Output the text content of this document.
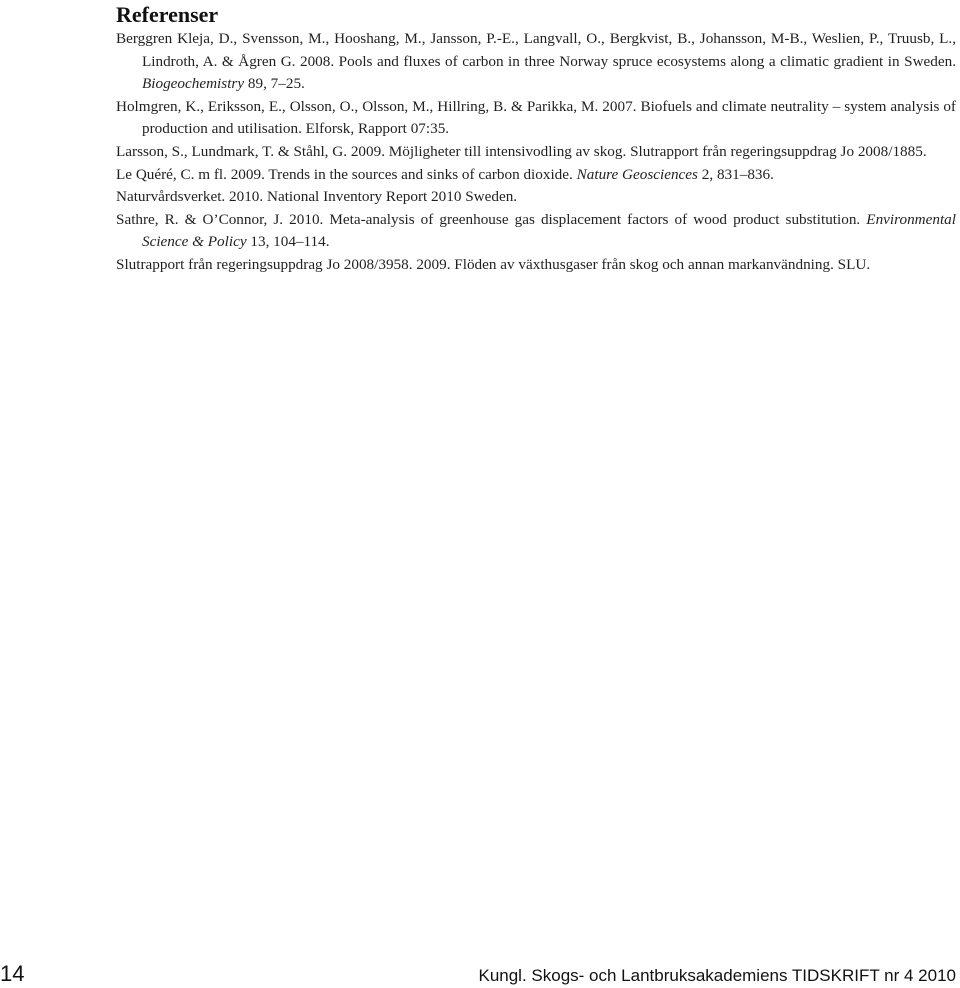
Referenser

Berggren Kleja, D., Svensson, M., Hooshang, M., Jansson, P.-E., Langvall, O., Bergkvist, B., Johansson, M-B., Weslien, P., Truusb, L., Lindroth, A. & Ågren G. 2008. Pools and fluxes of carbon in three Norway spruce ecosystems along a climatic gradient in Sweden. Biogeochemistry 89, 7–25.

Holmgren, K., Eriksson, E., Olsson, O., Olsson, M., Hillring, B. & Parikka, M. 2007. Biofuels and climate neutrality – system analysis of production and utilisation. Elforsk, Rapport 07:35.

Larsson, S., Lundmark, T. & Ståhl, G. 2009. Möjligheter till intensivodling av skog. Slutrapport från regeringsuppdrag Jo 2008/1885.

Le Quéré, C. m fl. 2009. Trends in the sources and sinks of carbon dioxide. Nature Geosciences 2, 831–836.

Naturvårdsverket. 2010. National Inventory Report 2010 Sweden.

Sathre, R. & O’Connor, J. 2010. Meta-analysis of greenhouse gas displacement factors of wood product substitution. Environmental Science & Policy 13, 104–114.

Slutrapport från regeringsuppdrag Jo 2008/3958. 2009. Flöden av växthusgaser från skog och annan markanvändning. SLU.

14	Kungl. Skogs- och Lantbruksakademiens TIDSKRIFT nr 4 2010
